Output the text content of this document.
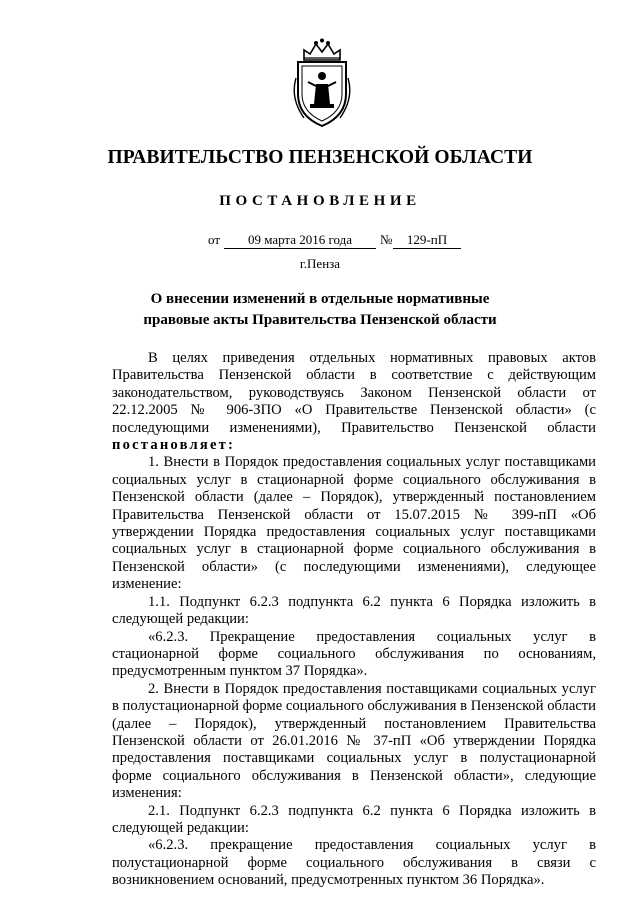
ПРАВИТЕЛЬСТВО ПЕНЗЕНСКОЙ ОБЛАСТИ
ПОСТАНОВЛЕНИЕ
от	09 марта 2016 года	№	129-пП
г.Пенза
О внесении изменений в отдельные нормативные
правовые акты Правительства Пензенской области

В целях приведения отдельных нормативных правовых актов Правительства Пензенской области в соответствие с действующим законодательством, руководствуясь Законом Пензенской области от 22.12.2005 № 906-ЗПО «О Правительстве Пензенской области» (с последующими изменениями), Правительство Пензенской области постановляет:

1. Внести в Порядок предоставления социальных услуг поставщиками социальных услуг в стационарной форме социального обслуживания в Пензенской области (далее – Порядок), утвержденный постановлением Правительства Пензенской области от 15.07.2015 № 399-пП «Об утверждении Порядка предоставления социальных услуг поставщиками социальных услуг в стационарной форме социального обслуживания в Пензенской области» (с последующими изменениями), следующее изменение:

1.1. Подпункт 6.2.3 подпункта 6.2 пункта 6 Порядка изложить в следующей редакции:

«6.2.3. Прекращение предоставления социальных услуг в стационарной форме социального обслуживания по основаниям, предусмотренным пунктом 37 Порядка».

2. Внести в Порядок предоставления поставщиками социальных услуг в полустационарной форме социального обслуживания в Пензенской области (далее – Порядок), утвержденный постановлением Правительства Пензенской области от 26.01.2016 № 37-пП «Об утверждении Порядка предоставления поставщиками социальных услуг в полустационарной форме социального обслуживания в Пензенской области», следующие изменения:

2.1. Подпункт 6.2.3 подпункта 6.2 пункта 6 Порядка изложить в следующей редакции:

«6.2.3. прекращение предоставления социальных услуг в полустационарной форме социального обслуживания в связи с возникновением оснований, предусмотренных пунктом 36 Порядка».
